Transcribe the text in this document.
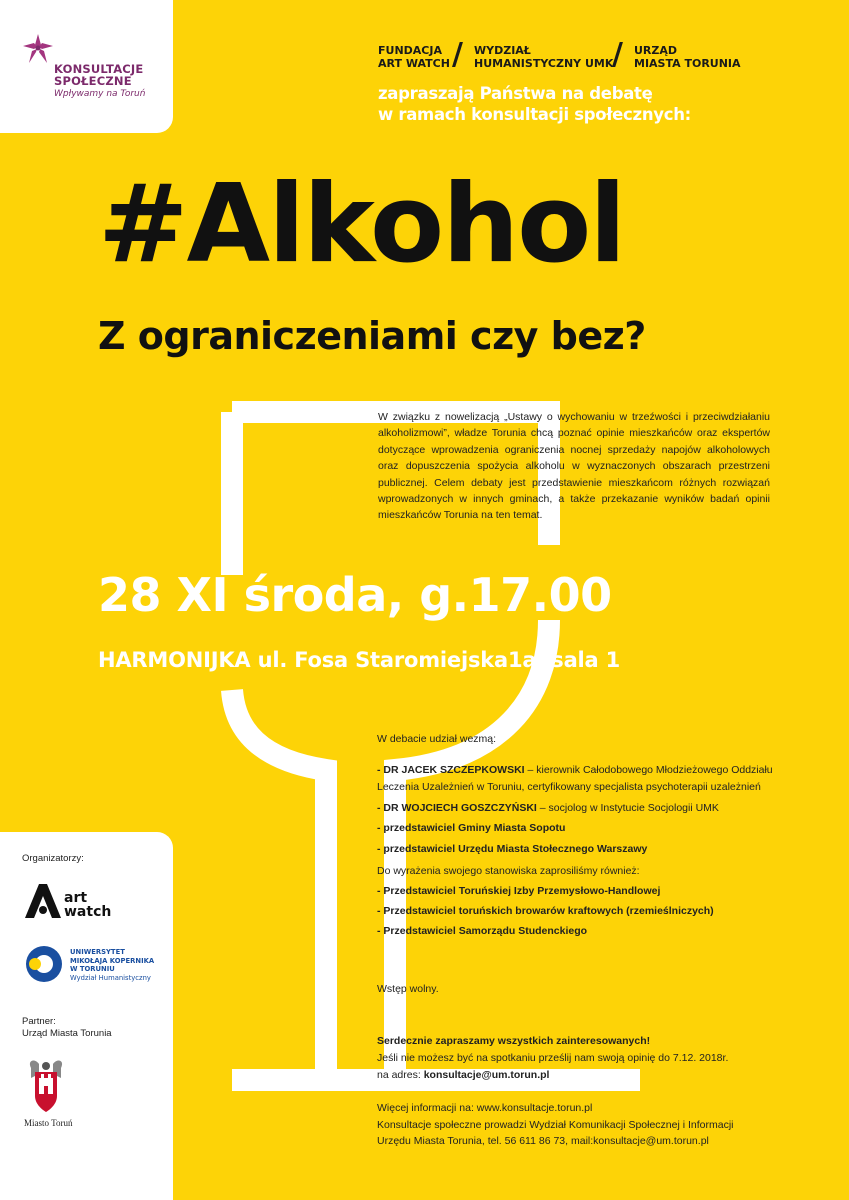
KONSULTACJE
SPOŁECZNE
Wpływamy na Toruń
FUNDACJA
ART WATCH / WYDZIAŁ
HUMANISTYCZNY UMK
/ URZĄD
MIASTA TORUNIA
zapraszają Państwa na debatę
w ramach konsultacji społecznych:
#Alkohol
Z ograniczeniami czy bez?
W związku z nowelizacją „Ustawy o wychowaniu w trzeźwości i przeciwdziałaniu alkoholizmowi”, władze Torunia chcą poznać opinie mieszkańców oraz ekspertów dotyczące wprowadzenia ograniczenia nocnej sprzedaży napojów alkoholowych oraz dopuszczenia spożycia alkoholu w wyznaczonych obszarach przestrzeni publicznej. Celem debaty jest przedstawienie mieszkańcom różnych rozwiązań wprowadzonych w innych gminach, a także przekazanie wyników badań opinii mieszkańców Torunia na ten temat.
28 XI środa, g.17.00
HARMONIJKA ul. Fosa Staromiejska1a, sala 1
W debacie udział wezmą:
- DR JACEK SZCZEPKOWSKI – kierownik Całodobowego Młodzieżowego Oddziału Leczenia Uzależnień w Toruniu, certyfikowany specjalista psychoterapii uzależnień
- DR WOJCIECH GOSZCZYŃSKI – socjolog w Instytucie Socjologii UMK
- przedstawiciel Gminy Miasta Sopotu
- przedstawiciel Urzędu Miasta Stołecznego Warszawy
Do wyrażenia swojego stanowiska zaprosiliśmy również:
- Przedstawiciel Toruńskiej Izby Przemysłowo-Handlowej
- Przedstawiciel toruńskich browarów kraftowych (rzemieślniczych)
- Przedstawiciel Samorządu Studenckiego
Wstęp wolny.
Serdecznie zapraszamy wszystkich zainteresowanych!
Jeśli nie możesz być na spotkaniu prześlij nam swoją opinię do 7.12. 2018r.
na adres: konsultacje@um.torun.pl
Więcej informacji na: www.konsultacje.torun.pl
Konsultacje społeczne prowadzi Wydział Komunikacji Społecznej i Informacji
Urzędu Miasta Torunia, tel. 56 611 86 73, mail:konsultacje@um.torun.pl
Organizatorzy:
art
watch
UNIWERSYTET
MIKOŁAJA KOPERNIKA
W TORUNIU
Wydział Humanistyczny
Partner:
Urząd Miasta Torunia
Miasto Toruń
